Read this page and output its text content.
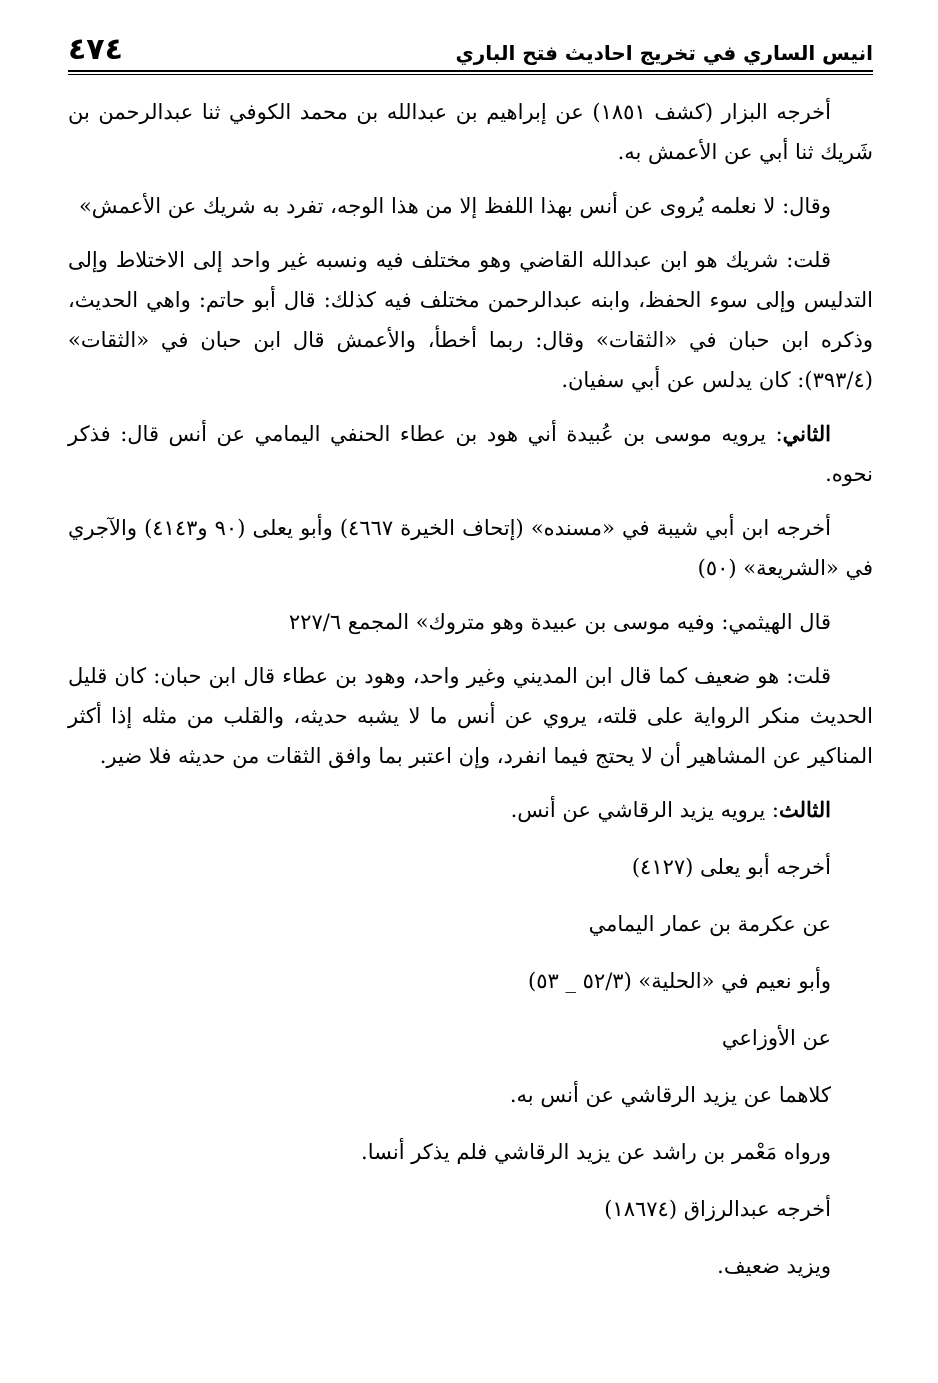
انيس الساري في تخريج احاديث فتح الباري
٤٧٤

أخرجه البزار (كشف ١٨٥١) عن إبراهيم بن عبدالله بن محمد الكوفي ثنا عبدالرحمن بن شَريك ثنا أبي عن الأعمش به.

وقال: لا نعلمه يُروى عن أنس بهذا اللفظ إلا من هذا الوجه، تفرد به شريك عن الأعمش»

قلت: شريك هو ابن عبدالله القاضي وهو مختلف فيه ونسبه غير واحد إلى الاختلاط وإلى التدليس وإلى سوء الحفظ، وابنه عبدالرحمن مختلف فيه كذلك: قال أبو حاتم: واهي الحديث، وذكره ابن حبان في «الثقات» وقال: ربما أخطأ، والأعمش قال ابن حبان في «الثقات» (٣٩٣/٤): كان يدلس عن أبي سفيان.

الثاني: يرويه موسى بن عُبيدة أني هود بن عطاء الحنفي اليمامي عن أنس قال: فذكر نحوه.

أخرجه ابن أبي شيبة في «مسنده» (إتحاف الخيرة ٤٦٦٧) وأبو يعلى (٩٠ و٤١٤٣) والآجري في «الشريعة» (٥٠)

قال الهيثمي: وفيه موسى بن عبيدة وهو متروك» المجمع ٢٢٧/٦

قلت: هو ضعيف كما قال ابن المديني وغير واحد، وهود بن عطاء قال ابن حبان: كان قليل الحديث منكر الرواية على قلته، يروي عن أنس ما لا يشبه حديثه، والقلب من مثله إذا أكثر المناكير عن المشاهير أن لا يحتج فيما انفرد، وإن اعتبر بما وافق الثقات من حديثه فلا ضير.

الثالث: يرويه يزيد الرقاشي عن أنس.

أخرجه أبو يعلى (٤١٢٧)

عن عكرمة بن عمار اليمامي

وأبو نعيم في «الحلية» (٥٢/٣ _ ٥٣)

عن الأوزاعي

كلاهما عن يزيد الرقاشي عن أنس به.

ورواه مَعْمر بن راشد عن يزيد الرقاشي فلم يذكر أنسا.

أخرجه عبدالرزاق (١٨٦٧٤)

ويزيد ضعيف.
